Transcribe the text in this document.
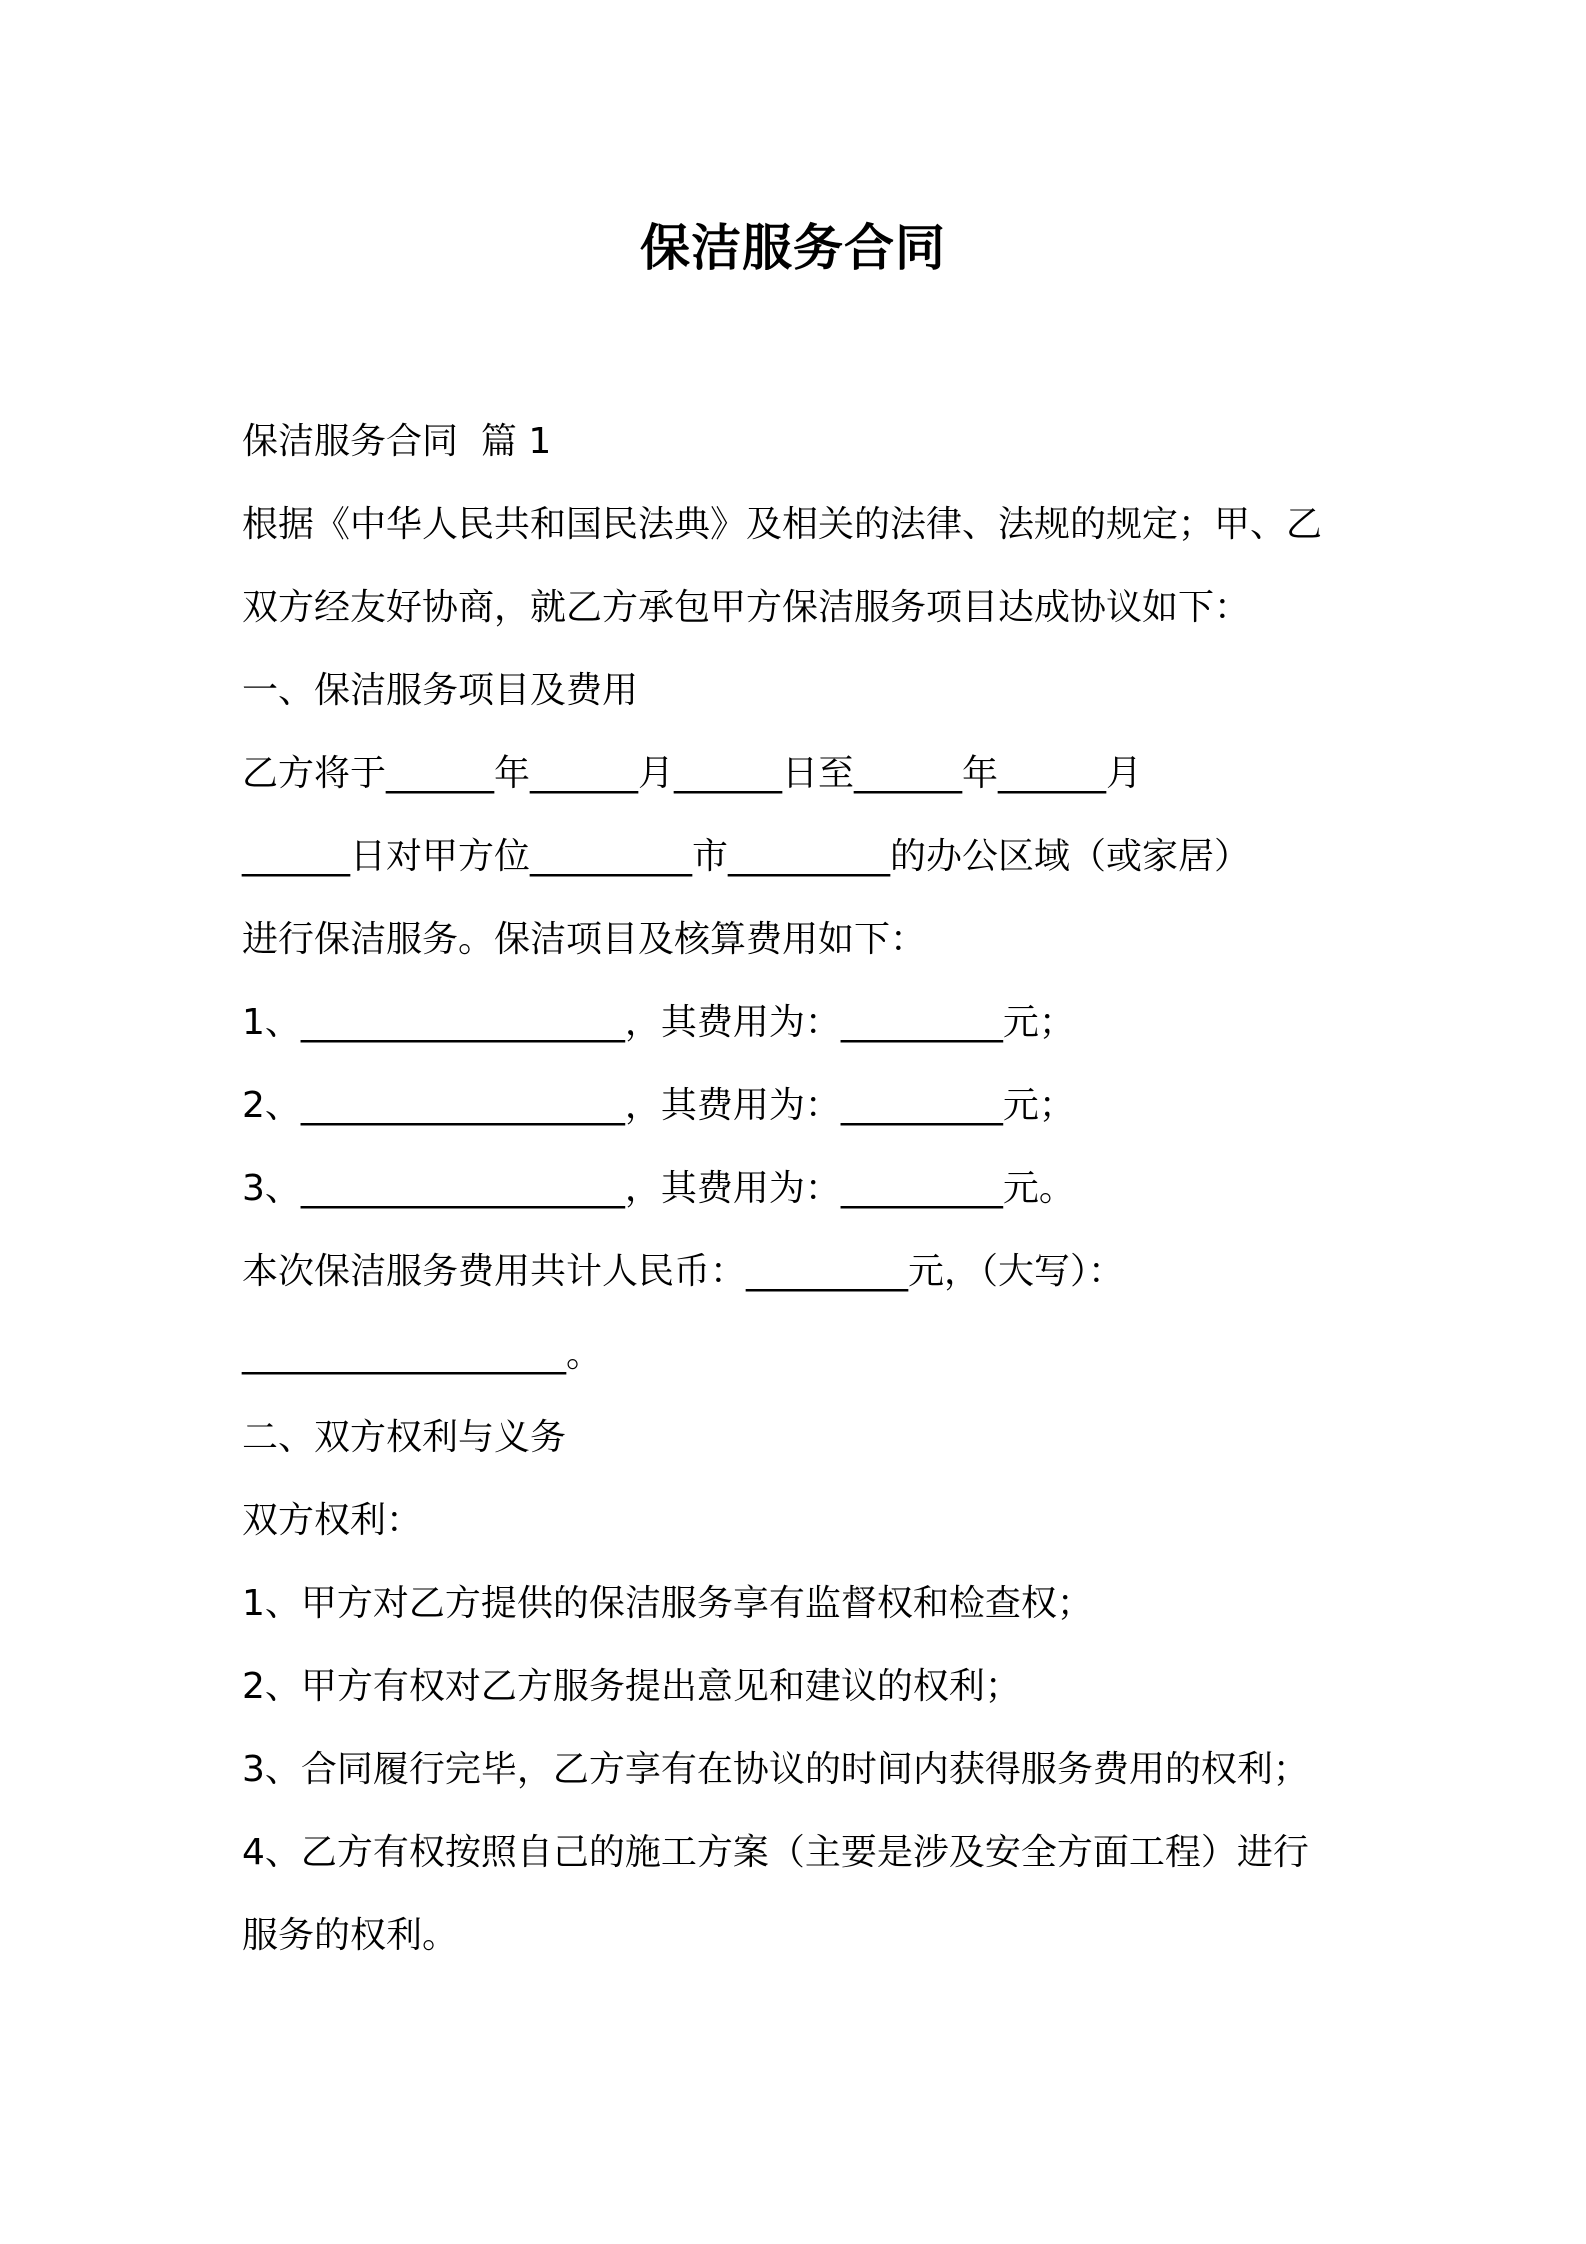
保洁服务合同

保洁服务合同  篇 1

根据《中华人民共和国民法典》及相关的法律、法规的规定；甲、乙

双方经友好协商，就乙方承包甲方保洁服务项目达成协议如下：

一、保洁服务项目及费用

乙方将于______年______月______日至______年______月

______日对甲方位_________市_________的办公区域（或家居）

进行保洁服务。保洁项目及核算费用如下：

1、__________________，其费用为：_________元；

2、__________________，其费用为：_________元；

3、__________________，其费用为：_________元。

本次保洁服务费用共计人民币：_________元，（大写）：

__________________。

二、双方权利与义务

双方权利：

1、甲方对乙方提供的保洁服务享有监督权和检查权；

2、甲方有权对乙方服务提出意见和建议的权利；

3、合同履行完毕，乙方享有在协议的时间内获得服务费用的权利；

4、乙方有权按照自己的施工方案（主要是涉及安全方面工程）进行

服务的权利。
